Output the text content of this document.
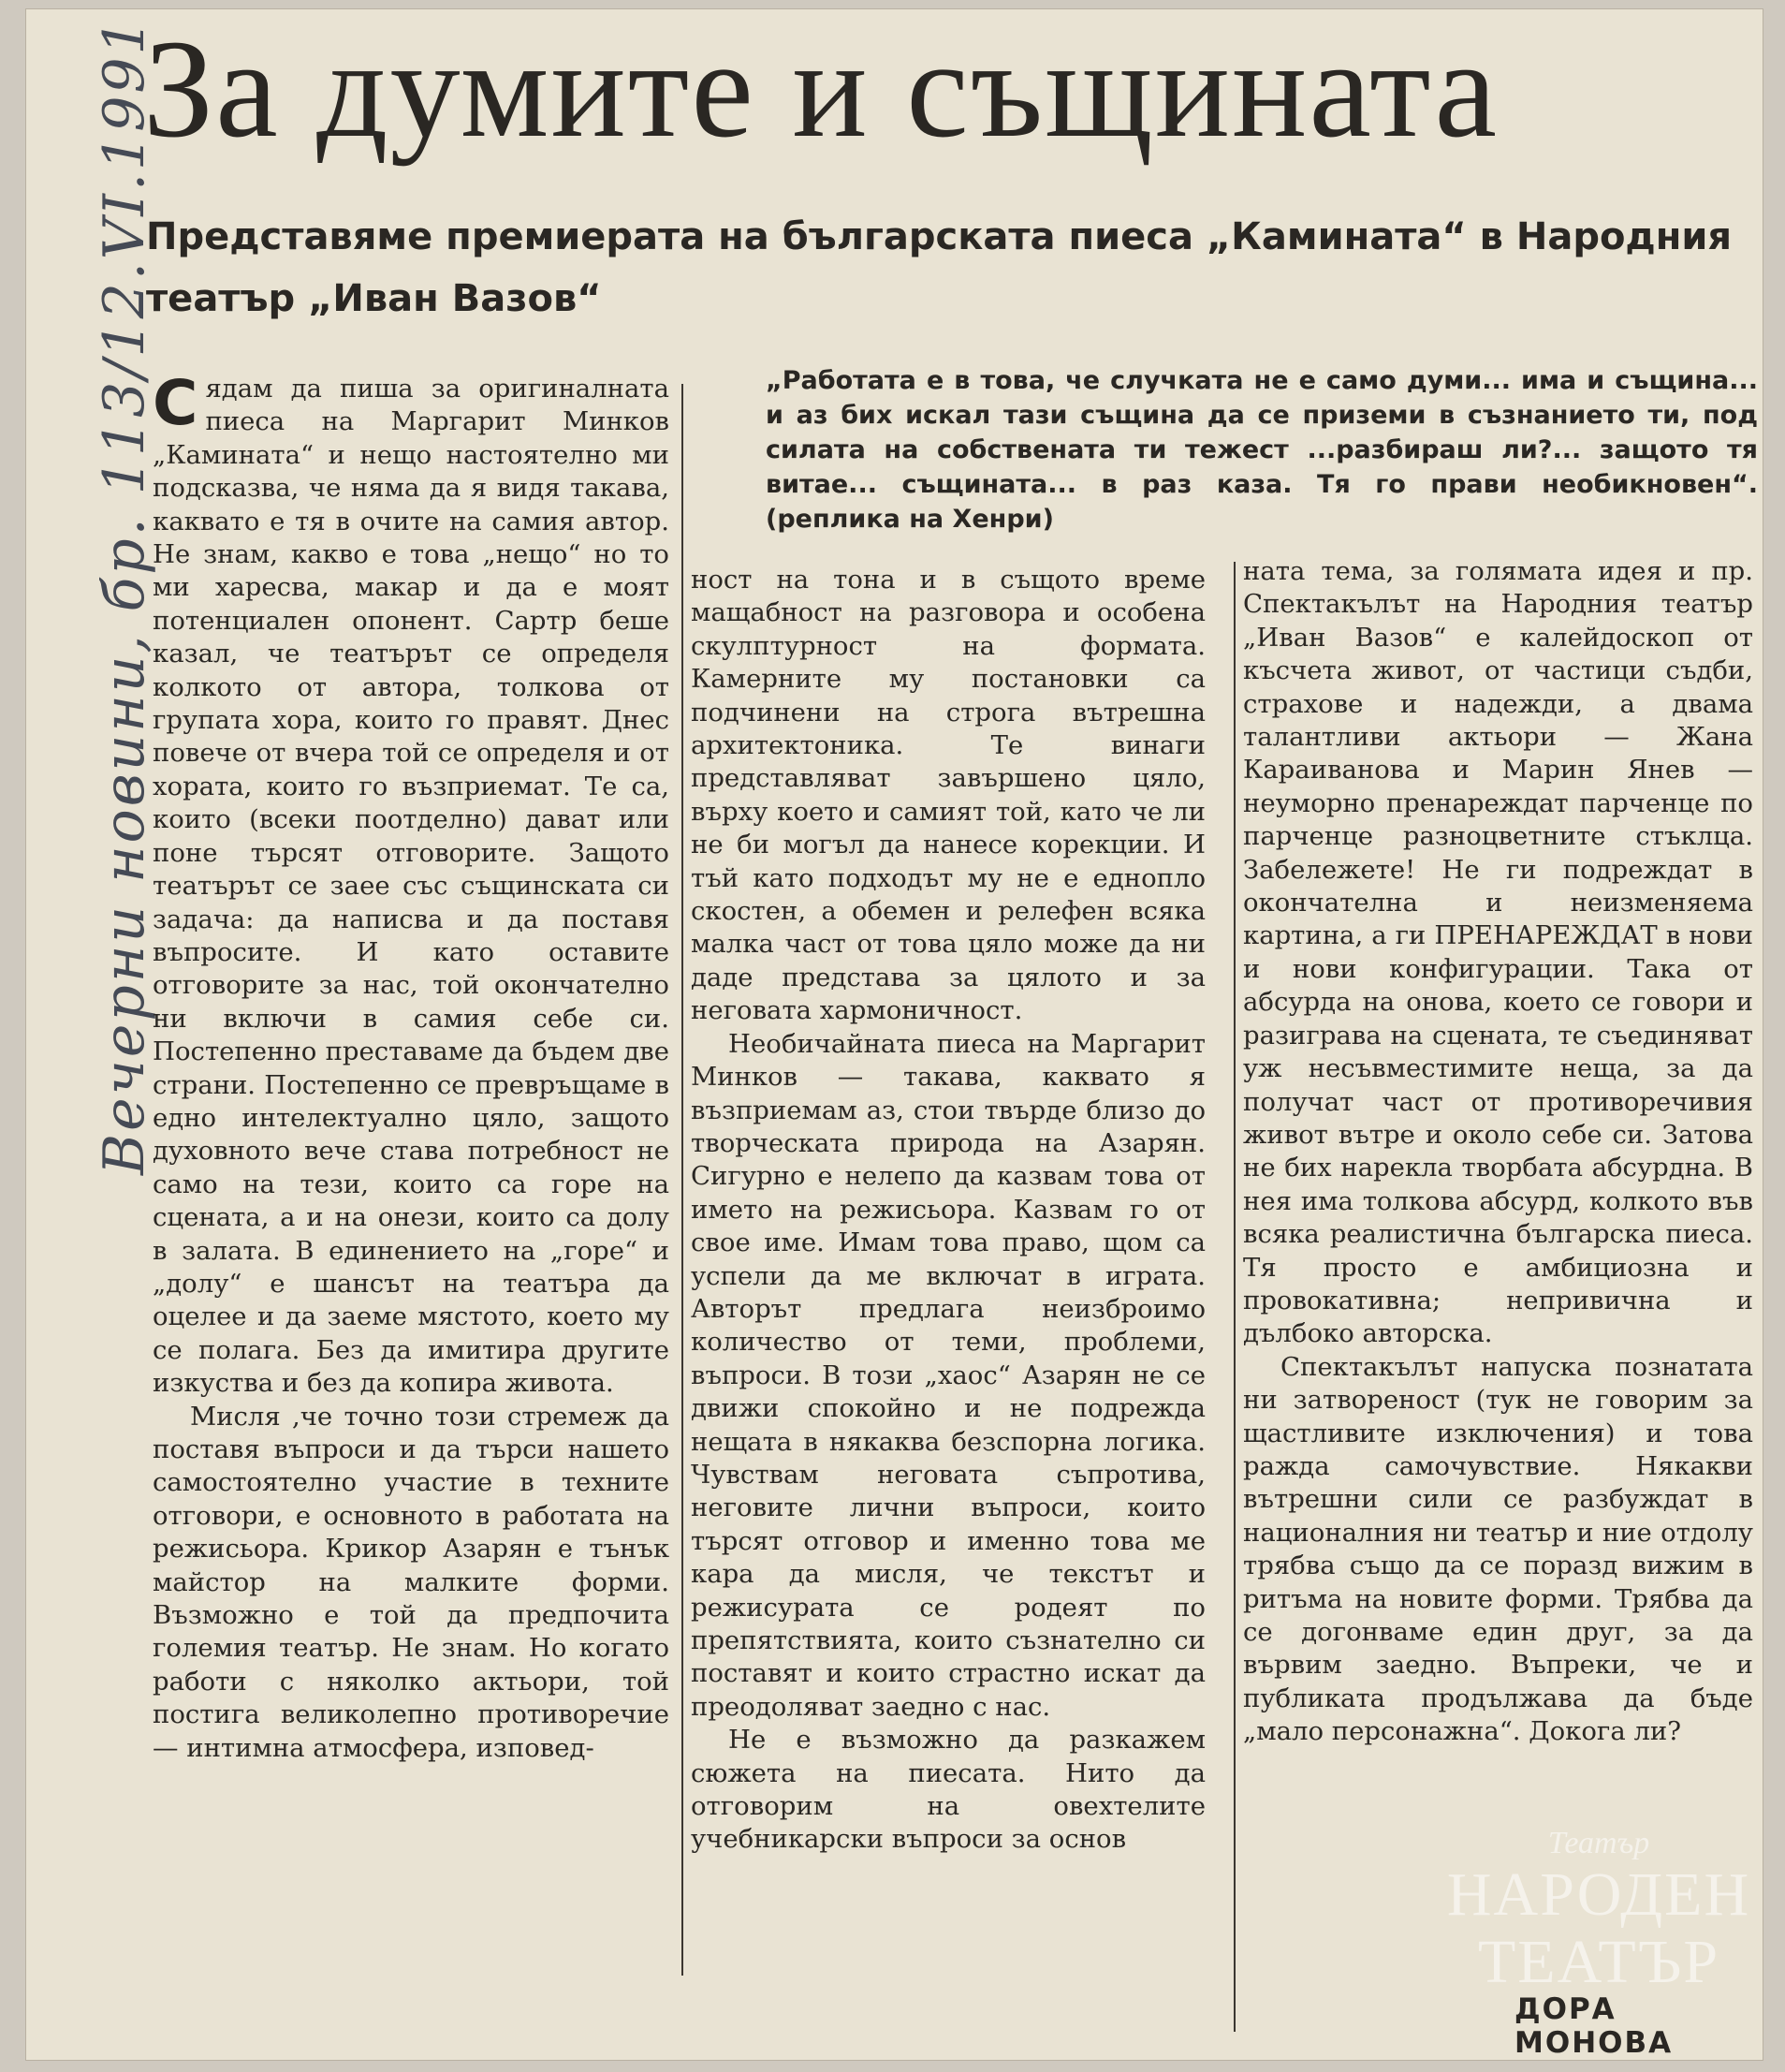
За думите и същината
Вечерни новини, бр. 113/12.VI.1991
Представяме премиерата на българската пиеса „Камината“ в Народния театър „Иван Вазов“
„Работата е в това, че случката не е само думи... има и същина... и аз бих искал тази същина да се приземи в съзнанието ти, под силата на собствената ти тежест ...разбираш ли?... защото тя витае... същината... в раз каза. Тя го прави необикновен“. (реплика на Хенри)

Сядам да пиша за оригиналната пиеса на Маргарит Минков „Камината“ и нещо настоятелно ми подсказва, че няма да я видя такава, каквато е тя в очите на самия автор. Не знам, какво е това „нещо“ но то ми харесва, макар и да е моят потенциален опонент. Сартр беше казал, че театърът се определя колкото от автора, толкова от групата хора, които го правят. Днес повече от вчера той се определя и от хората, които го възприемат. Те са, които (всеки поотделно) дават или поне търсят отговорите. Защото театърът се заее със същинската си задача: да написва и да поставя въпросите. И като оставите отговорите за нас, той окончателно ни включи в самия себе си. Постепенно преставаме да бъдем две страни. Постепенно се превръщаме в едно интелектуално цяло, защото духовното вече става потребност не само на тези, които са горе на сцената, а и на онези, които са долу в залата. В единението на „горе“ и „долу“ е шансът на театъра да оцелее и да заеме мястото, което му се полага. Без да имитира другите изкуства и без да копира живота.

Мисля ,че точно този стремеж да поставя въпроси и да търси нашето самостоятелно участие в техните отговори, е основното в работата на режисьора. Крикор Азарян е тънък майстор на малките форми. Възможно е той да предпочита големия театър. Не знам. Но когато работи с няколко актьори, той постига великолепно противоречие — интимна атмосфера, изповед-

ност на тона и в същото време мащабност на разговора и особена скулптурност на формата. Камерните му постановки са подчинени на строга вътрешна архитектоника. Те винаги представляват завършено цяло, върху което и самият той, като че ли не би могъл да нанесе корекции. И тъй като подходът му не е еднопло скостен, а обемен и релефен всяка малка част от това цяло може да ни даде представа за цялото и за неговата хармоничност.

Необичайната пиеса на Маргарит Минков — такава, каквато я възприемам аз, стои твърде близо до творческата природа на Азарян. Сигурно е нелепо да казвам това от името на режисьора. Казвам го от свое име. Имам това право, щом са успели да ме включат в играта. Авторът предлага неизброимо количество от теми, проблеми, въпроси. В този „хаос“ Азарян не се движи спокойно и не подрежда нещата в някаква безспорна логика. Чувствам неговата съпротива, неговите лични въпроси, които търсят отговор и именно това ме кара да мисля, че текстът и режисурата се родеят по препятствията, които съзнателно си поставят и които страстно искат да преодоляват заедно с нас.

Не е възможно да разкажем сюжета на пиесата. Нито да отговорим на овехтелите учебникарски въпроси за основ

ната тема, за голямата идея и пр. Спектакълът на Народния театър „Иван Вазов“ е калейдоскоп от късчета живот, от частици съдби, страхове и надежди, а двама талантливи актьори — Жана Караиванова и Марин Янев — неуморно пренареждат парченце по парченце разноцветните стъклца. Забележете! Не ги подреждат в окончателна и неизменяема картина, а ги ПРЕНАРЕЖДАТ в нови и нови конфигурации. Така от абсурда на онова, което се говори и разиграва на сцената, те съединяват уж несъвместимите неща, за да получат част от противоречивия живот вътре и около себе си. Затова не бих нарекла творбата абсурдна. В нея има толкова абсурд, колкото във всяка реалистична българска пиеса. Тя просто е амбициозна и провокативна; непривична и дълбоко авторска.

Спектакълът напуска познатата ни затвореност (тук не говорим за щастливите изключения) и това ражда самочувствие. Някакви вътрешни сили се разбуждат в националния ни театър и ние отдолу трябва също да се поразд вижим в ритъма на новите форми. Трябва да се догонваме един друг, за да вървим заедно. Въпреки, че и публиката продължава да бъде „мало персонажна“. Докога ли?

Театър
НАРОДЕН
ТЕАТЪР
ДОРА МОНОВА
